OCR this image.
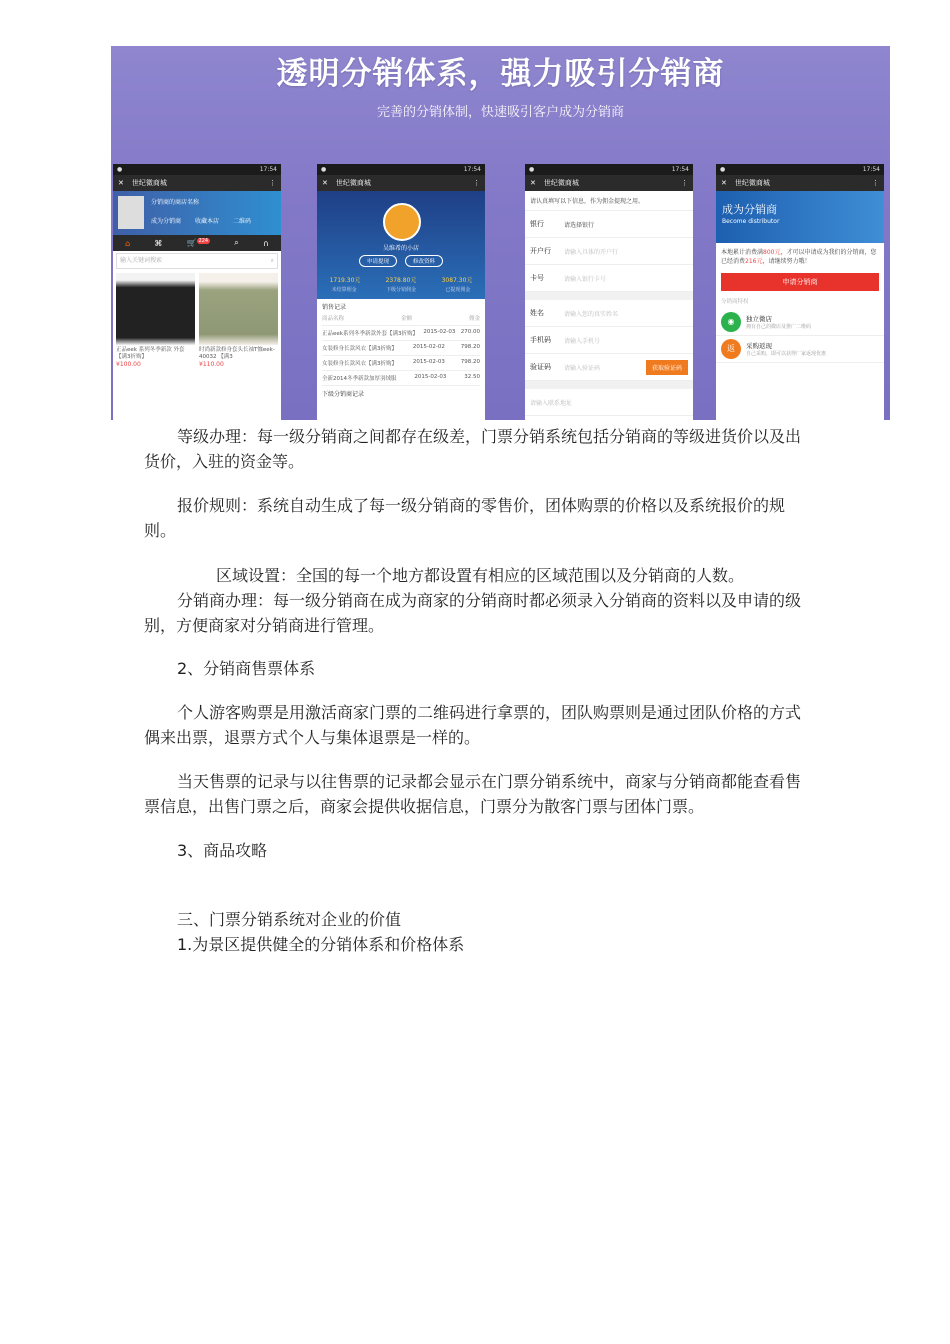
透明分销体系，强力吸引分销商
完善的分销体制，快速吸引客户成为分销商
●	17:54
✕ 世纪微商城	⋮
分销商的商店名称
成为分销商 收藏本店 二维码
⌂	⌘	🛒 $^{224}$	⌕	∩
输入关键词搜索	⌕
正品eek 系列冬季新款 外套 【满3折购】
¥100.00
时尚新款修身套头长袖T恤eek-40032 【满3
¥110.00
●	17:54
✕ 世纪微商城	⋮
吴维希的小店
申请提现	修改资料
1719.30元	2378.80元	3087.30元
未结算佣金	下级分销佣金	已提现佣金
销售记录
商品名称	金额	佣金
正品eek系列冬季新款外套【满3折购】 2015-02-03 270.00
女装修身长款风衣【满3折购】	2015-02-02	798.20
女装修身长款风衣【满3折购】	2015-02-03	798.20
全新2014冬季新款加厚羽绒服	2015-02-03	32.50
下级分销商记录
●	17:54
✕ 世纪微商城	⋮
请认真填写以下信息，作为佣金提现之用。
银行	请选择银行
开户行	请输入具体的开户行
卡号	请输入银行卡号
姓名	请输入您的真实姓名
手机码	请输入手机号
验证码	请输入验证码	获取验证码
请输入联系地址
●	17:54
✕ 世纪微商城	⋮
成为分销商
Become distributor
本地累计消费满800元，才可以申请成为我们的分销商，您已经消费216元，请继续努力哦！
申请分销商
分销商特权
◉	独立微店
拥有自己的微店及推广二维码
返	采购返现
自己采购，即可以获得厂家返现优惠

等级办理：每一级分销商之间都存在级差，门票分销系统包括分销商的等级进货价以及出货价，入驻的资金等。

报价规则：系统自动生成了每一级分销商的零售价，团体购票的价格以及系统报价的规则。

区域设置：全国的每一个地方都设置有相应的区域范围以及分销商的人数。

分销商办理：每一级分销商在成为商家的分销商时都必须录入分销商的资料以及申请的级别，方便商家对分销商进行管理。

2、分销商售票体系

个人游客购票是用激活商家门票的二维码进行拿票的，团队购票则是通过团队价格的方式偶来出票，退票方式个人与集体退票是一样的。

当天售票的记录与以往售票的记录都会显示在门票分销系统中，商家与分销商都能查看售票信息，出售门票之后，商家会提供收据信息，门票分为散客门票与团体门票。

3、商品攻略

三、门票分销系统对企业的价值

1.为景区提供健全的分销体系和价格体系
